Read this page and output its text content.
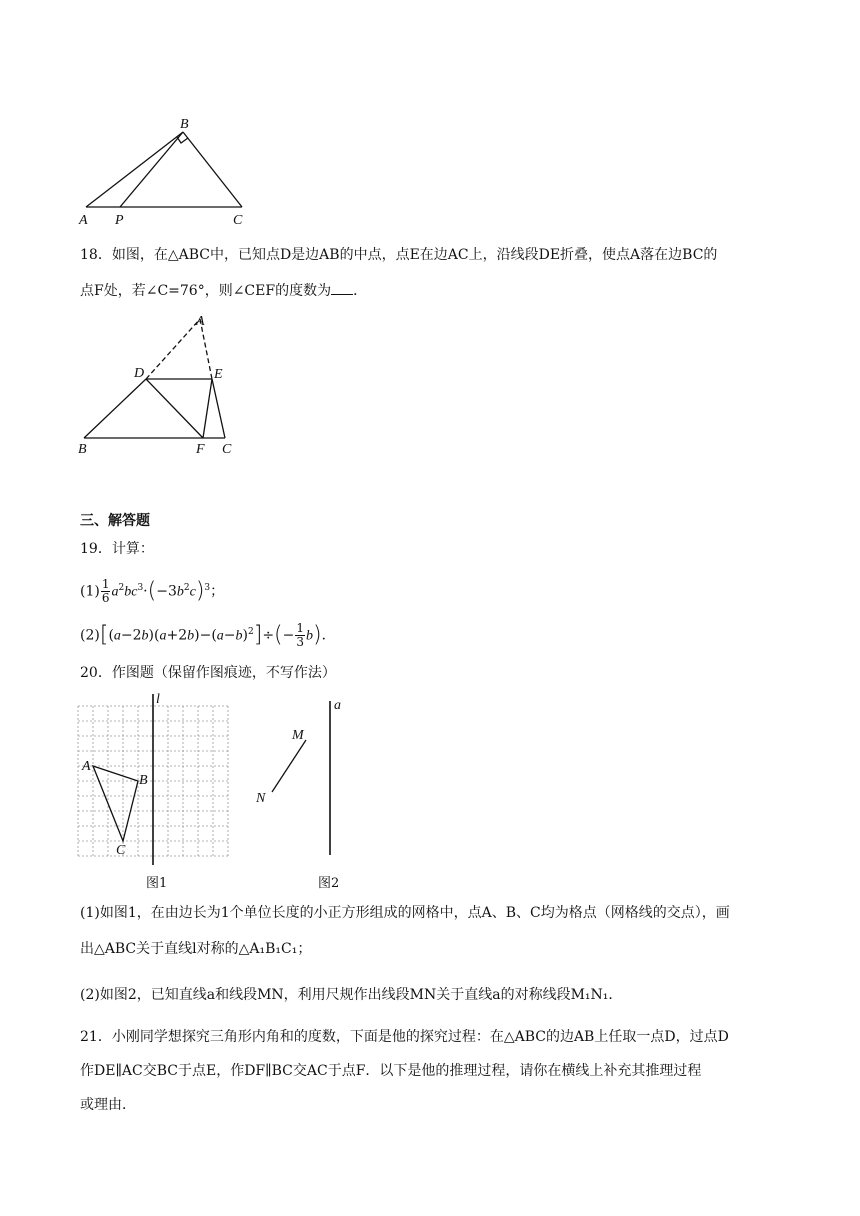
B
A P	C
18．如图，在△ABC中，已知点D是边AB的中点，点E在边AC上，沿线段DE折叠，使点A落在边BC的
点F处，若∠C=76°，则∠CEF的度数为 ．
A
D	E
B	F C
三、解答题
19．计算：
$(1) \frac{1}{6} a^2bc^3\cdot(-3b^2c)^3$；
$(2)[(a-2b)(a+2b)-(a-b)^2]\div(- \frac{1}{3} b)$．
20．作图题（保留作图痕迹，不写作法）
l
A
B
C
图1
a
M
N
图2
(1)如图1，在由边长为1个单位长度的小正方形组成的网格中，点A、B、C均为格点（网格线的交点），画
出△ABC关于直线l对称的△A₁B₁C₁；
(2)如图2，已知直线a和线段MN，利用尺规作出线段MN关于直线a的对称线段M₁N₁．
21．小刚同学想探究三角形内角和的度数，下面是他的探究过程：在△ABC的边AB上任取一点D，过点D
作DE∥AC交BC于点E，作DF∥BC交AC于点F．以下是他的推理过程，请你在横线上补充其推理过程
或理由．
